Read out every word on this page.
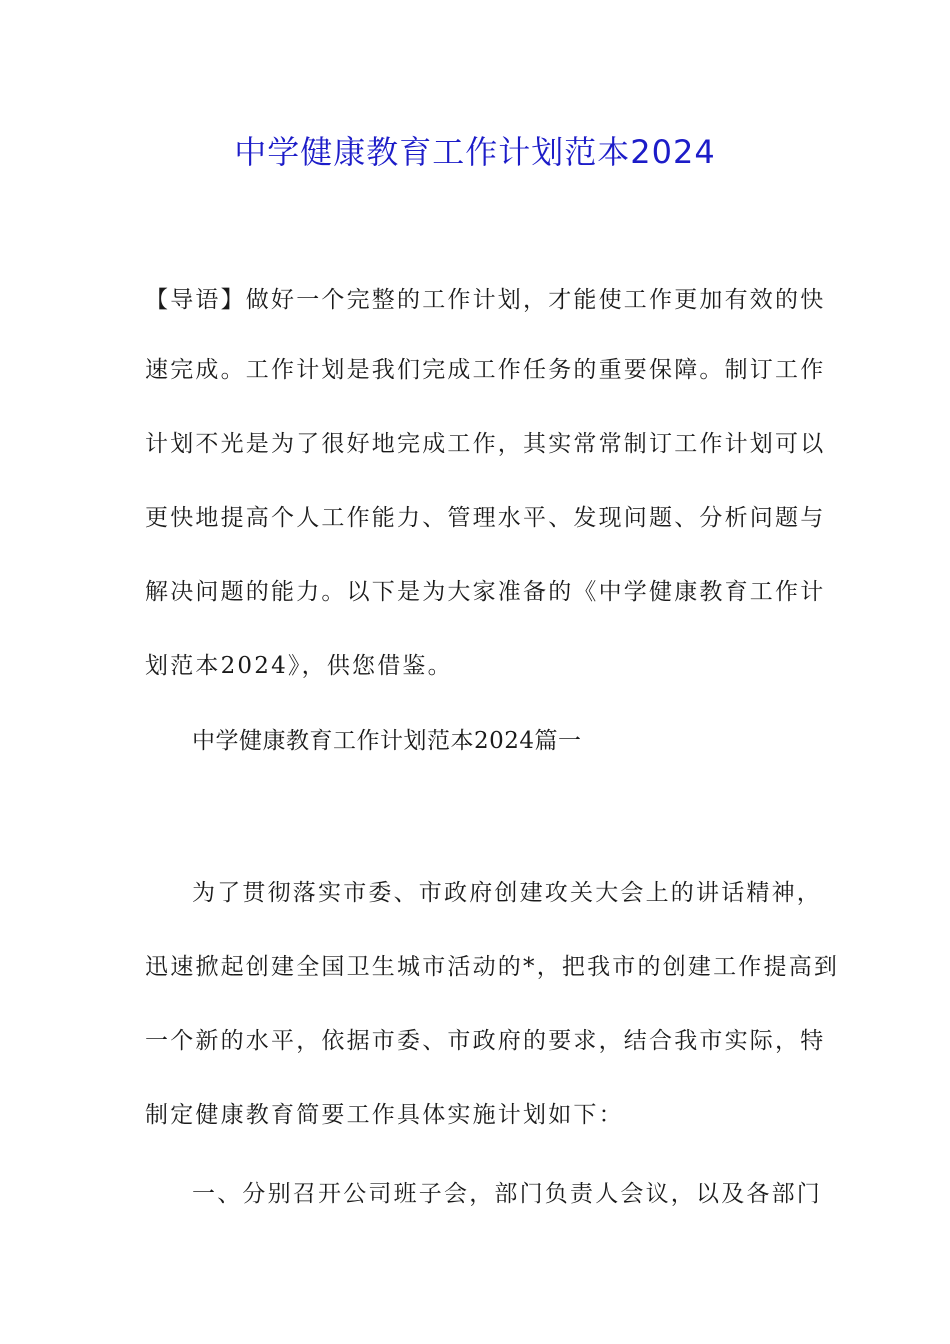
中学健康教育工作计划范本2024
【导语】做好一个完整的工作计划，才能使工作更加有效的快
速完成。工作计划是我们完成工作任务的重要保障。制订工作
计划不光是为了很好地完成工作，其实常常制订工作计划可以
更快地提高个人工作能力、管理水平、发现问题、分析问题与
解决问题的能力。以下是为大家准备的《中学健康教育工作计
划范本2024》，供您借鉴。
中学健康教育工作计划范本2024篇一
为了贯彻落实市委、市政府创建攻关大会上的讲话精神，
迅速掀起创建全国卫生城市活动的*，把我市的创建工作提高到
一个新的水平，依据市委、市政府的要求，结合我市实际，特
制定健康教育简要工作具体实施计划如下：
一、分别召开公司班子会，部门负责人会议，以及各部门
